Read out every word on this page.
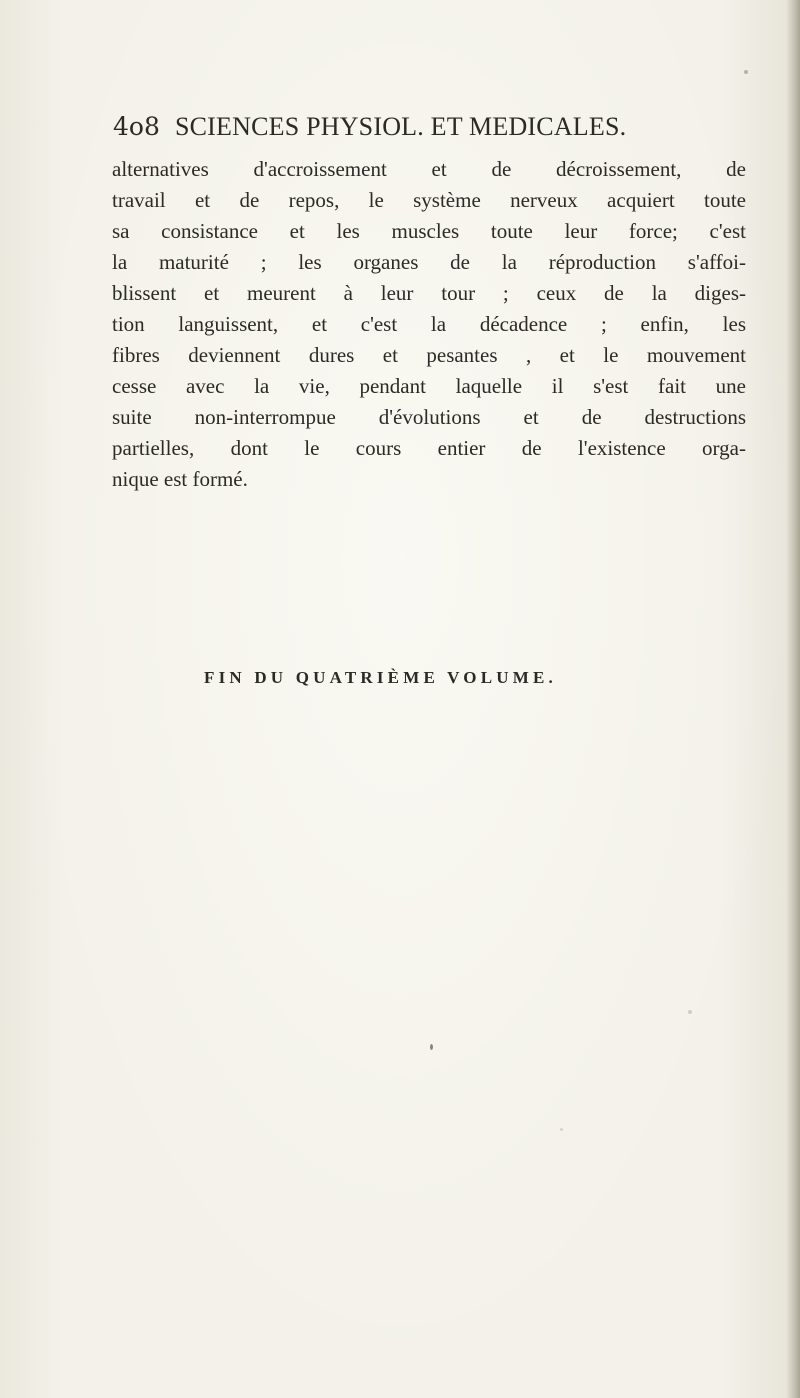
4o8 SCIENCES PHYSIOL. ET MEDICALES.
alternatives d'accroissement et de décroissement, de
travail et de repos, le système nerveux acquiert toute
sa consistance et les muscles toute leur force; c'est
la maturité ; les organes de la réproduction s'affoi-
blissent et meurent à leur tour ; ceux de la diges-
tion languissent, et c'est la décadence ; enfin, les
fibres deviennent dures et pesantes , et le mouvement
cesse avec la vie, pendant laquelle il s'est fait une
suite non-interrompue d'évolutions et de destructions
partielles, dont le cours entier de l'existence orga-
nique est formé.
FIN DU QUATRIÈME VOLUME.
